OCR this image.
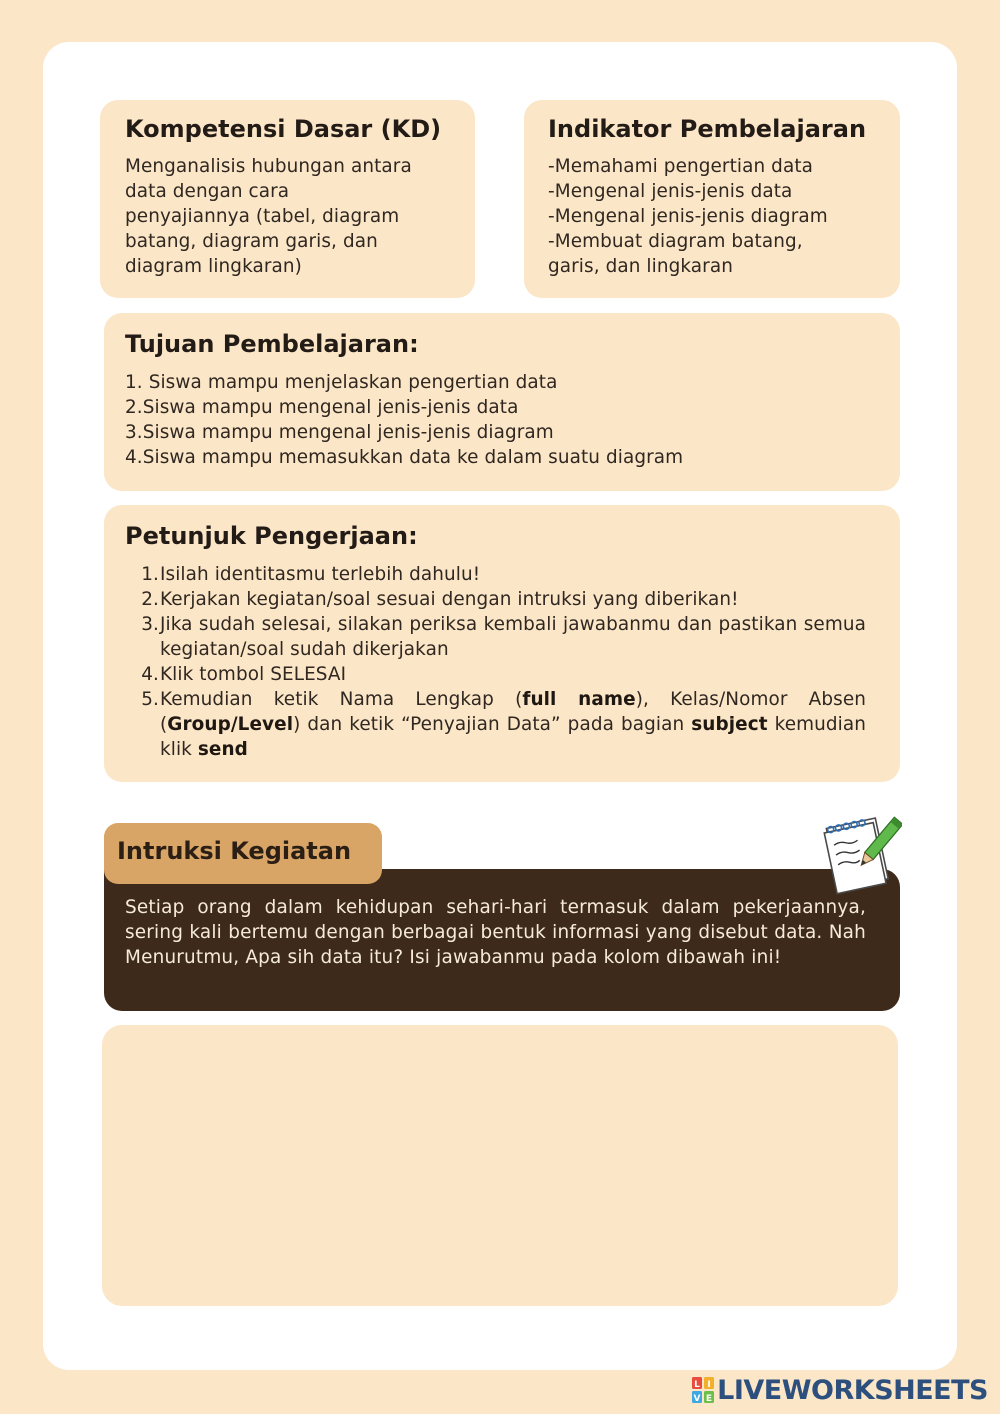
Kompetensi Dasar (KD)
Menganalisis hubungan antara
data dengan cara
penyajiannya (tabel, diagram
batang, diagram garis, dan
diagram lingkaran)
Indikator Pembelajaran
-Memahami pengertian data
-Mengenal jenis-jenis data
-Mengenal jenis-jenis diagram
-Membuat diagram batang,
garis, dan lingkaran
Tujuan Pembelajaran:
1. Siswa mampu menjelaskan pengertian data
2.Siswa mampu mengenal jenis-jenis data
3.Siswa mampu mengenal jenis-jenis diagram
4.Siswa mampu memasukkan data ke dalam suatu diagram
Petunjuk Pengerjaan:
1. Isilah identitasmu terlebih dahulu!
2. Kerjakan kegiatan/soal sesuai dengan intruksi yang diberikan!
3. Jika sudah selesai, silakan periksa kembali jawabanmu dan pastikan semua kegiatan/soal sudah dikerjakan
4. Klik tombol SELESAI
5. Kemudian ketik Nama Lengkap (full name), Kelas/Nomor Absen (Group/Level) dan ketik “Penyajian Data” pada bagian subject kemudian klik send
Intruksi Kegiatan

Setiap orang dalam kehidupan sehari-hari termasuk dalam pekerjaannya, sering kali bertemu dengan berbagai bentuk informasi yang disebut data. Nah Menurutmu, Apa sih data itu? Isi jawabanmu pada kolom dibawah ini!

L I
V E LIVEWORKSHEETS
